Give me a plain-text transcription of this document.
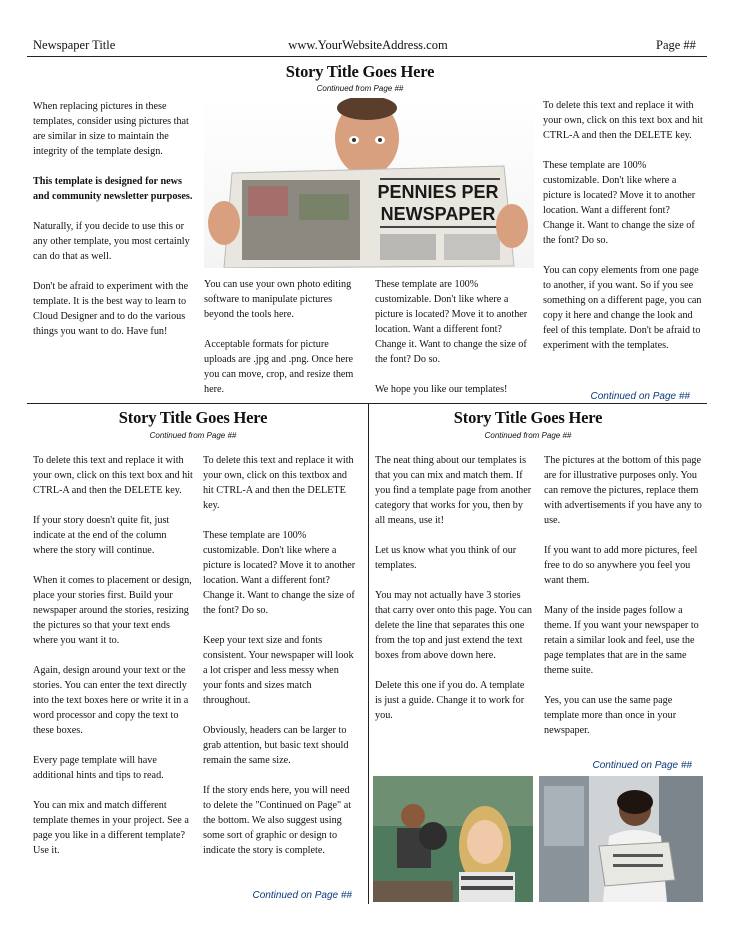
Newspaper Title	www.YourWebsiteAddress.com	Page ##
Story Title Goes Here
Continued from Page ##
PENNIES PER
NEWSPAPER

When replacing pictures in these templates, consider using pictures that are similar in size to maintain the integrity of the template design.

This template is designed for news and community newsletter purposes.

Naturally, if you decide to use this or any other template, you most certainly can do that as well.

Don't be afraid to experiment with the template. It is the best way to learn to Cloud Designer and to do the various things you want to do. Have fun!

You can use your own photo editing software to manipulate pictures beyond the tools here.

Acceptable formats for picture uploads are .jpg and .png. Once here you can move, crop, and resize them here.

These template are 100% customizable. Don't like where a picture is located? Move it to another location. Want a different font? Change it. Want to change the size of the font? Do so.

We hope you like our templates!

To delete this text and replace it with your own, click on this text box and hit CTRL-A and then the DELETE key.

These template are 100% customizable. Don't like where a picture is located? Move it to another location. Want a different font? Change it. Want to change the size of the font? Do so.

You can copy elements from one page to another, if you want. So if you see something on a different page, you can copy it here and change the look and feel of this template. Don't be afraid to experiment with the templates.

Continued on Page ##
Story Title Goes Here
Continued from Page ##

To delete this text and replace it with your own, click on this text box and hit CTRL-A and then the DELETE key.

If your story doesn't quite fit, just indicate at the end of the column where the story will continue.

When it comes to placement or design, place your stories first. Build your newspaper around the stories, resizing the pictures so that your text ends where you want it to.

Again, design around your text or the stories. You can enter the text directly into the text boxes here or write it in a word processor and copy the text to these boxes.

Every page template will have additional hints and tips to read.

You can mix and match different template themes in your project. See a page you like in a different template? Use it.

To delete this text and replace it with your own, click on this textbox and hit CTRL-A and then the DELETE key.

These template are 100% customizable. Don't like where a picture is located? Move it to another location. Want a different font? Change it. Want to change the size of the font? Do so.

Keep your text size and fonts consistent. Your newspaper will look a lot crisper and less messy when your fonts and sizes match throughout.

Obviously, headers can be larger to grab attention, but basic text should remain the same size.

If the story ends here, you will need to delete the "Continued on Page" at the bottom. We also suggest using some sort of graphic or design to indicate the story is complete.

Continued on Page ##
Story Title Goes Here
Continued from Page ##

The neat thing about our templates is that you can mix and match them. If you find a template page from another category that works for you, then by all means, use it!

Let us know what you think of our templates.

You may not actually have 3 stories that carry over onto this page. You can delete the line that separates this one from the top and just extend the text boxes from above down here.

Delete this one if you do. A template is just a guide. Change it to work for you.

The pictures at the bottom of this page are for illustrative purposes only. You can remove the pictures, replace them with advertisements if you have any to use.

If you want to add more pictures, feel free to do so anywhere you feel you want them.

Many of the inside pages follow a theme. If you want your newspaper to retain a similar look and feel, use the page templates that are in the same theme suite.

Yes, you can use the same page template more than once in your newspaper.

Continued on Page ##
